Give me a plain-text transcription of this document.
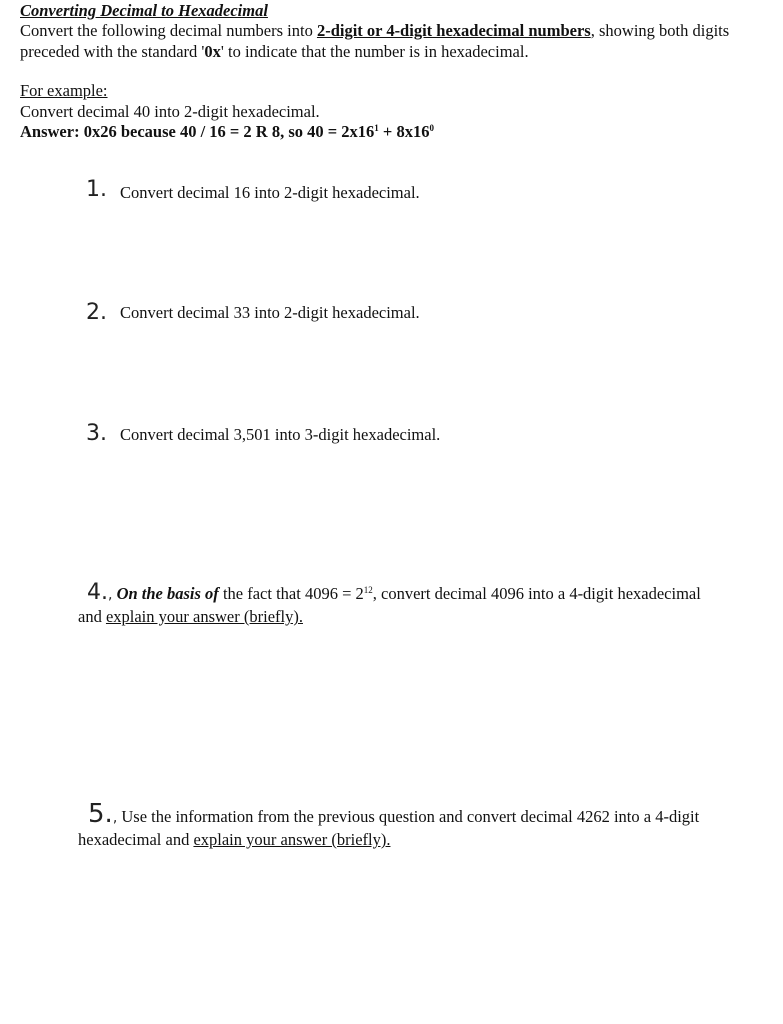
Converting Decimal to Hexadecimal
Convert the following decimal numbers into 2-digit or 4-digit hexadecimal numbers, showing both digits preceded with the standard '0x' to indicate that the number is in hexadecimal.
For example:
Convert decimal 40 into 2-digit hexadecimal.
Answer: 0x26 because 40 / 16 = 2 R 8, so $40 = 2x16^1 + 8x16^0$
1. Convert decimal 16 into 2-digit hexadecimal.
2. Convert decimal 33 into 2-digit hexadecimal.
3. Convert decimal 3,501 into 3-digit hexadecimal.
4., On the basis of the fact that $4096 = 2^{12}$, convert decimal 4096 into a 4-digit hexadecimal
and explain your answer (briefly).
5., Use the information from the previous question and convert decimal 4262 into a 4-digit
hexadecimal and explain your answer (briefly).
